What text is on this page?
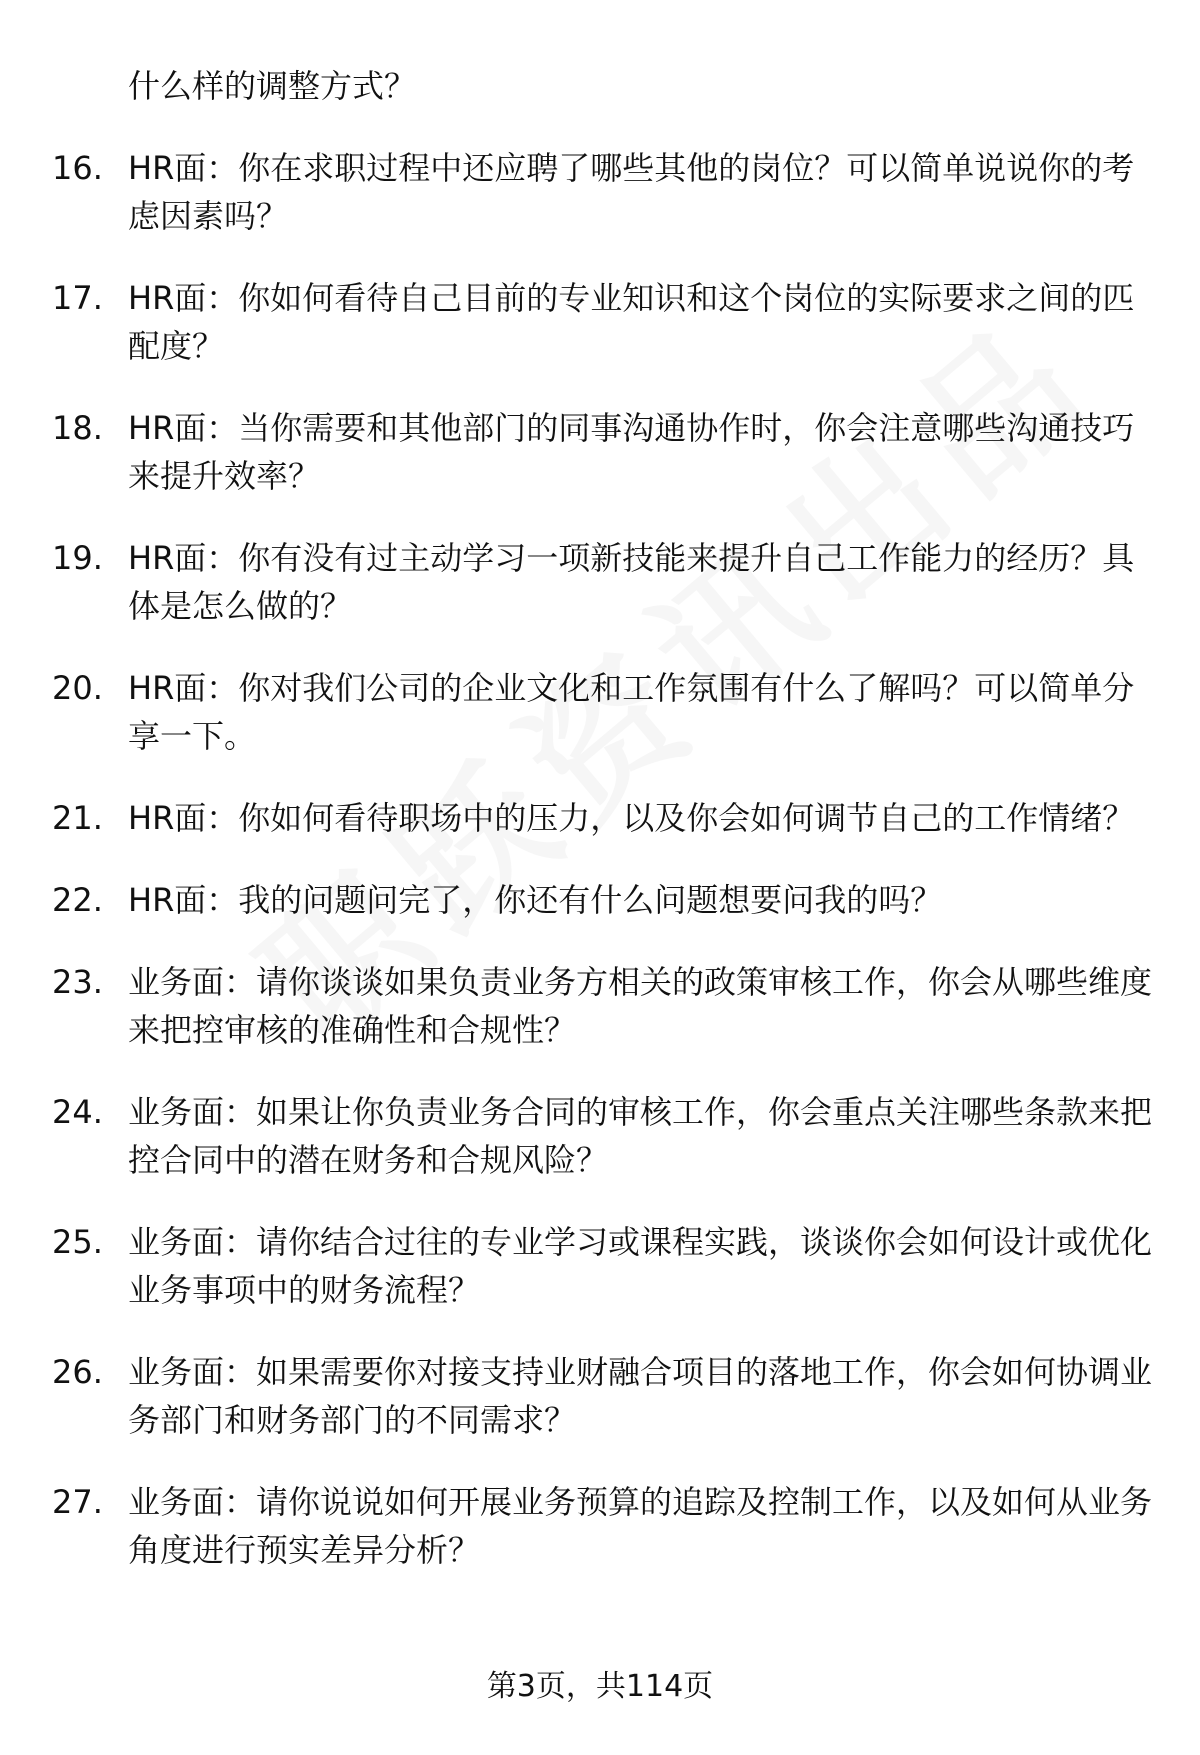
什么样的调整方式？
16. HR面：你在求职过程中还应聘了哪些其他的岗位？可以简单说说你的考虑因素吗？
17. HR面：你如何看待自己目前的专业知识和这个岗位的实际要求之间的匹配度？
18. HR面：当你需要和其他部门的同事沟通协作时，你会注意哪些沟通技巧来提升效率？
19. HR面：你有没有过主动学习一项新技能来提升自己工作能力的经历？具体是怎么做的？
20. HR面：你对我们公司的企业文化和工作氛围有什么了解吗？可以简单分享一下。
21. HR面：你如何看待职场中的压力，以及你会如何调节自己的工作情绪？
22. HR面：我的问题问完了，你还有什么问题想要问我的吗？
23. 业务面：请你谈谈如果负责业务方相关的政策审核工作，你会从哪些维度来把控审核的准确性和合规性？
24. 业务面：如果让你负责业务合同的审核工作，你会重点关注哪些条款来把控合同中的潜在财务和合规风险？
25. 业务面：请你结合过往的专业学习或课程实践，谈谈你会如何设计或优化业务事项中的财务流程？
26. 业务面：如果需要你对接支持业财融合项目的落地工作，你会如何协调业务部门和财务部门的不同需求？
27. 业务面：请你说说如何开展业务预算的追踪及控制工作，以及如何从业务角度进行预实差异分析？
第3页，共114页
